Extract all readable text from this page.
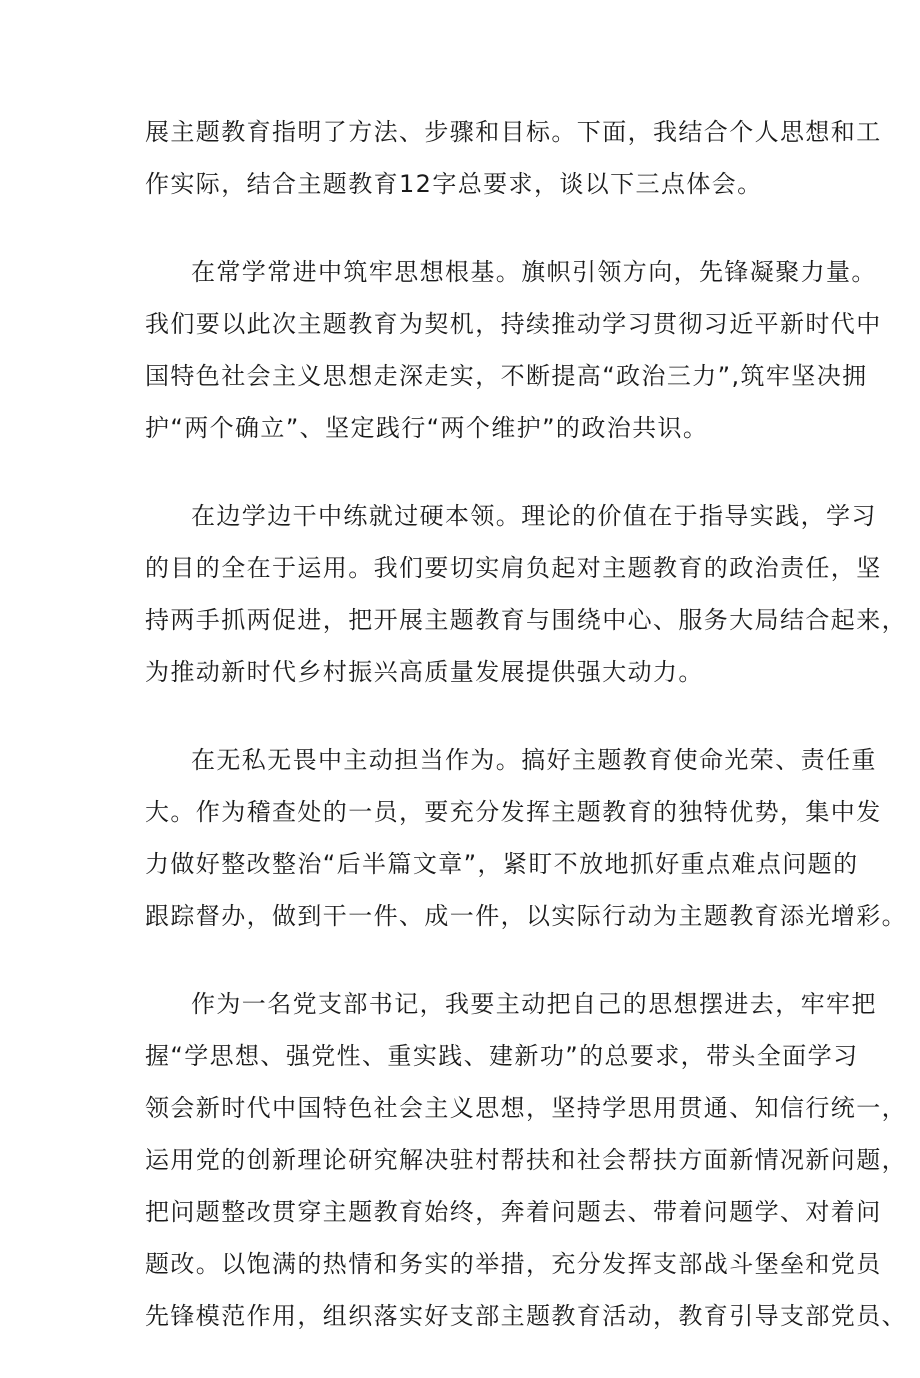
展主题教育指明了方法、步骤和目标。下面，我结合个人思想和工
作实际，结合主题教育12字总要求，谈以下三点体会。
在常学常进中筑牢思想根基。旗帜引领方向，先锋凝聚力量。
我们要以此次主题教育为契机，持续推动学习贯彻习近平新时代中
国特色社会主义思想走深走实，不断提高“政治三力”,筑牢坚决拥
护“两个确立”、坚定践行“两个维护”的政治共识。
在边学边干中练就过硬本领。理论的价值在于指导实践，学习
的目的全在于运用。我们要切实肩负起对主题教育的政治责任，坚
持两手抓两促进，把开展主题教育与围绕中心、服务大局结合起来，
为推动新时代乡村振兴高质量发展提供强大动力。
在无私无畏中主动担当作为。搞好主题教育使命光荣、责任重
大。作为稽查处的一员，要充分发挥主题教育的独特优势，集中发
力做好整改整治“后半篇文章”，紧盯不放地抓好重点难点问题的
跟踪督办，做到干一件、成一件，以实际行动为主题教育添光增彩。
作为一名党支部书记，我要主动把自己的思想摆进去，牢牢把
握“学思想、强党性、重实践、建新功”的总要求，带头全面学习
领会新时代中国特色社会主义思想，坚持学思用贯通、知信行统一，
运用党的创新理论研究解决驻村帮扶和社会帮扶方面新情况新问题，
把问题整改贯穿主题教育始终，奔着问题去、带着问题学、对着问
题改。以饱满的热情和务实的举措，充分发挥支部战斗堡垒和党员
先锋模范作用，组织落实好支部主题教育活动，教育引导支部党员、
